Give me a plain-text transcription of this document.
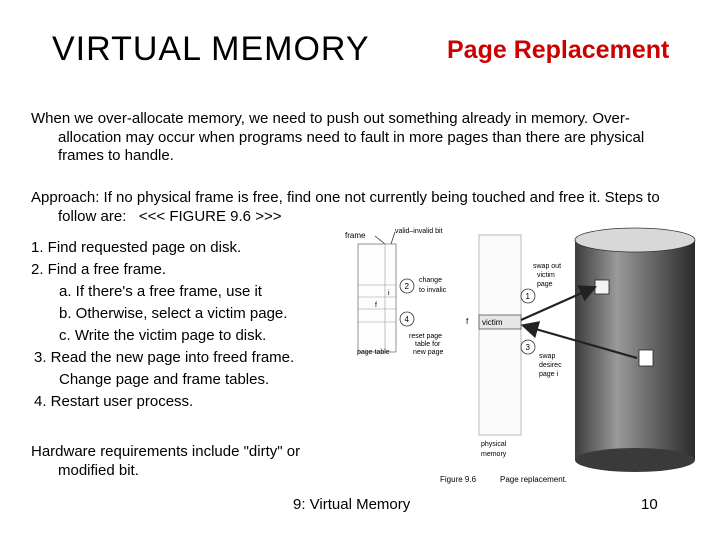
VIRTUAL MEMORY	Page Replacement
When we over-allocate memory, we need to push out something already in memory. Over-
allocation may occur when programs need to fault in more pages than there are physical
frames to handle.
Approach: If no physical frame is free, find one not currently being touched and free it. Steps to
follow are: <<< FIGURE 9.6 >>>
1. Find requested page on disk.
2. Find a free frame.
a. If there's a free frame, use it
b. Otherwise, select a victim page.
c. Write the victim page to disk.
3. Read the new page into freed frame.
Change page and frame tables.
4. Restart user process.
Hardware requirements include "dirty" or
modified bit.
frame	valid–invalid bit
i
f
page table
2
change
to invalic
4
reset page
table for
new page
victim
f
physical
memory
1
swap out
victim
page
3
swap
desirec
page i
Figure 9.6	Page replacement.
9: Virtual Memory	10
